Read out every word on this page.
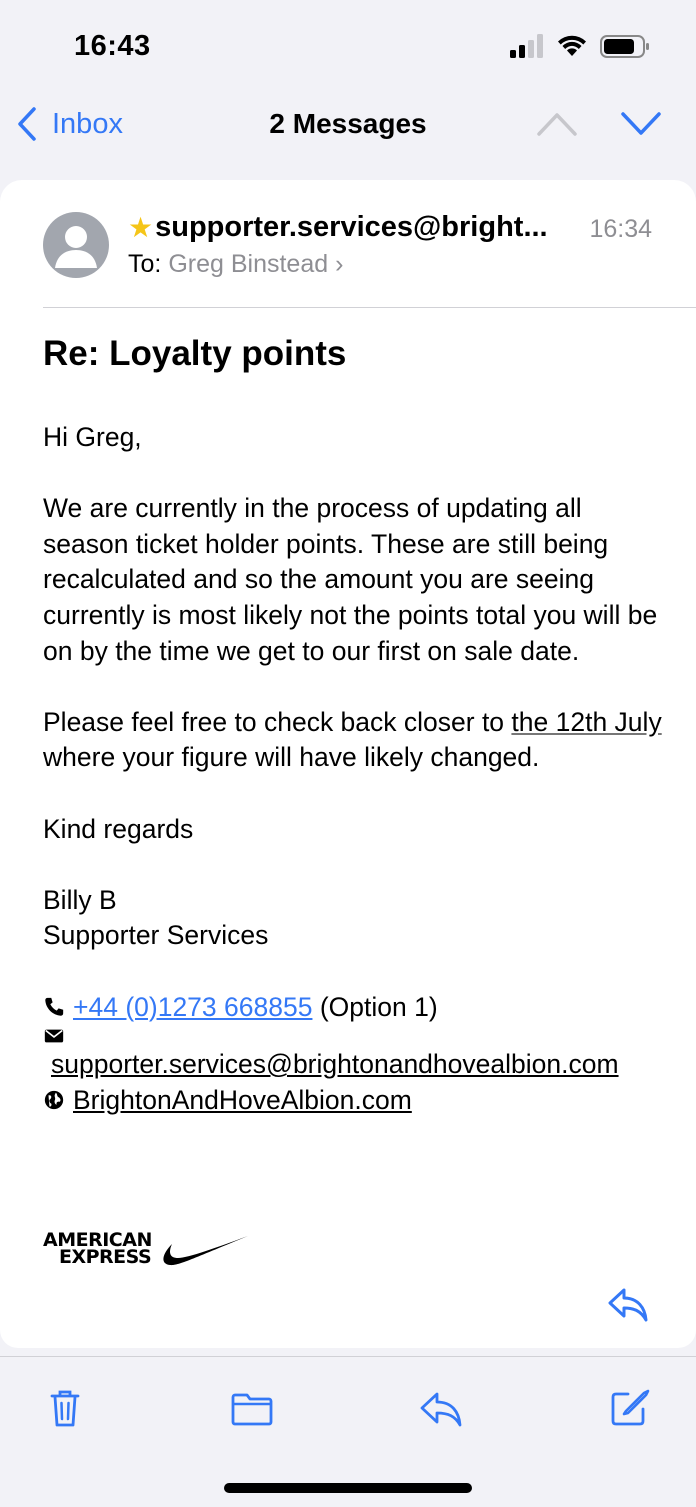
16:43
Inbox	2 Messages
★ supporter.services@bright... 16:34
To: Greg Binstead ›
Re: Loyalty points

Hi Greg,

We are currently in the process of updating all season ticket holder points. These are still being recalculated and so the amount you are seeing currently is most likely not the points total you will be on by the time we get to our first on sale date.

Please feel free to check back closer to the 12th July where your figure will have likely changed.

Kind regards

Billy B

Supporter Services

+44 (0)1273 668855 (Option 1)

supporter.services@brightonandhovealbion.com

BrightonAndHoveAlbion.com
AMERICAN
EXPRESS
